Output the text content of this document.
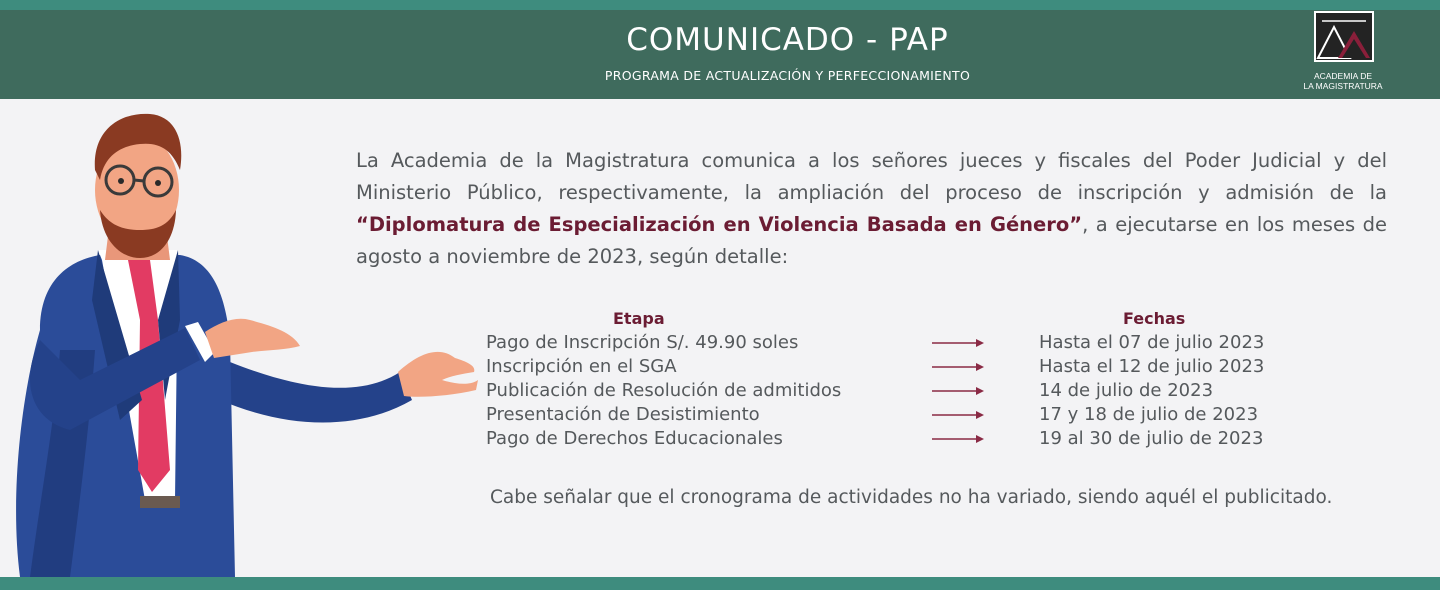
COMUNICADO - PAP
PROGRAMA DE ACTUALIZACIÓN Y PERFECCIONAMIENTO	ACADEMIA DE
LA MAGISTRATURA

La Academia de la Magistratura comunica a los señores jueces y fiscales del Poder Judicial y del Ministerio Público, respectivamente, la ampliación del proceso de inscripción y admisión de la “Diplomatura de Especialización en Violencia Basada en Género”, a ejecutarse en los meses de agosto a noviembre de 2023, según detalle:

Etapa	Fechas
Pago de Inscripción S/. 49.90 soles	Hasta el 07 de julio 2023
Inscripción en el SGA	Hasta el 12 de julio 2023
Publicación de Resolución de admitidos	14 de julio de 2023
Presentación de Desistimiento	17 y 18 de julio de 2023
Pago de Derechos Educacionales	19 al 30 de julio de 2023

Cabe señalar que el cronograma de actividades no ha variado, siendo aquél el publicitado.
